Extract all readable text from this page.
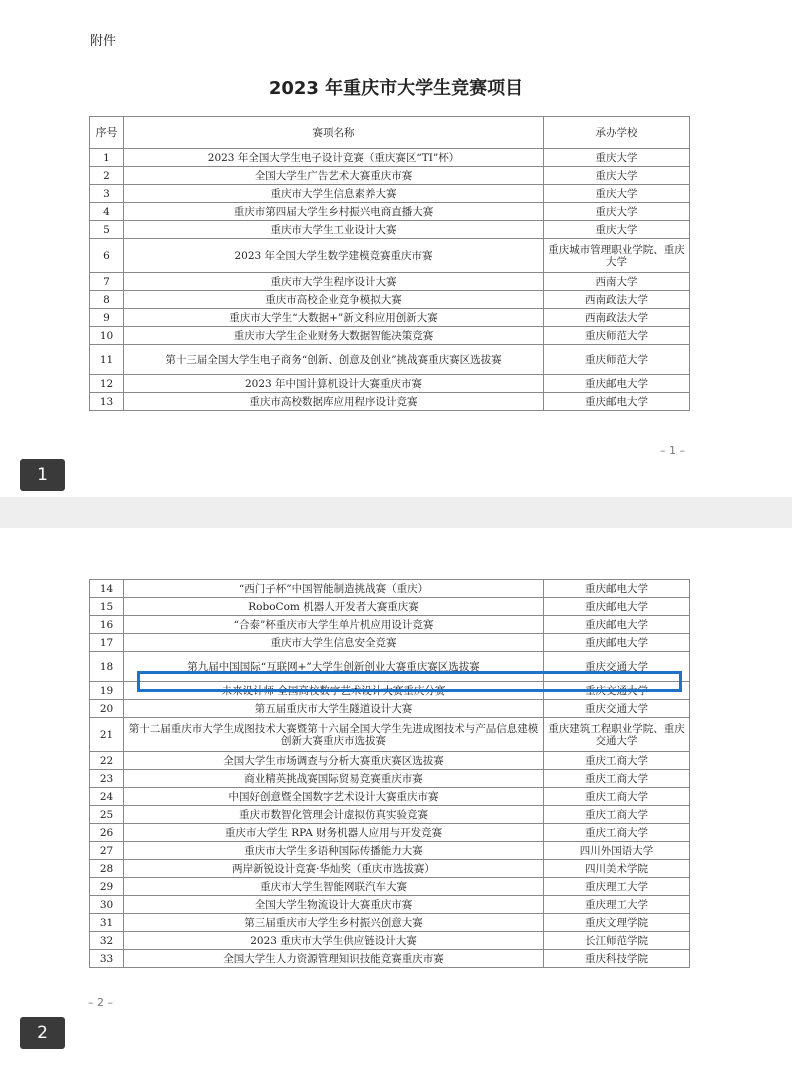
附件
2023 年重庆市大学生竞赛项目
序号	赛项名称	承办学校
1	2023 年全国大学生电子设计竞赛（重庆赛区“TI”杯）	重庆大学
2	全国大学生广告艺术大赛重庆市赛	重庆大学
3	重庆市大学生信息素养大赛	重庆大学
4	重庆市第四届大学生乡村振兴电商直播大赛	重庆大学
5	重庆市大学生工业设计大赛	重庆大学
6	2023 年全国大学生数学建模竞赛重庆市赛	重庆城市管理职业学院、重庆大学
7	重庆市大学生程序设计大赛	西南大学
8	重庆市高校企业竞争模拟大赛	西南政法大学
9	重庆市大学生“大数据+”新文科应用创新大赛	西南政法大学
10	重庆市大学生企业财务大数据智能决策竞赛	重庆师范大学
11	第十三届全国大学生电子商务“创新、创意及创业”挑战赛重庆赛区选拔赛	重庆师范大学
12	2023 年中国计算机设计大赛重庆市赛	重庆邮电大学
13	重庆市高校数据库应用程序设计竞赛	重庆邮电大学
– 1 –
1
14	“西门子杯”中国智能制造挑战赛（重庆）	重庆邮电大学
15	RoboCom 机器人开发者大赛重庆赛	重庆邮电大学
16	“合泰”杯重庆市大学生单片机应用设计竞赛	重庆邮电大学
17	重庆市大学生信息安全竞赛	重庆邮电大学
18	第九届中国国际“互联网+”大学生创新创业大赛重庆赛区选拔赛	重庆交通大学
19	未来设计师·全国高校数字艺术设计大赛重庆分赛	重庆交通大学
20	第五届重庆市大学生隧道设计大赛	重庆交通大学
21	第十二届重庆市大学生成图技术大赛暨第十六届全国大学生先进成图技术与产品信息建模创新大赛重庆市选拔赛	重庆建筑工程职业学院、重庆交通大学
22	全国大学生市场调查与分析大赛重庆赛区选拔赛	重庆工商大学
23	商业精英挑战赛国际贸易竞赛重庆市赛	重庆工商大学
24	中国好创意暨全国数字艺术设计大赛重庆市赛	重庆工商大学
25	重庆市数智化管理会计虚拟仿真实验竞赛	重庆工商大学
26	重庆市大学生 RPA 财务机器人应用与开发竞赛	重庆工商大学
27	重庆市大学生多语种国际传播能力大赛	四川外国语大学
28	两岸新锐设计竞赛·华灿奖（重庆市选拔赛）	四川美术学院
29	重庆市大学生智能网联汽车大赛	重庆理工大学
30	全国大学生物流设计大赛重庆市赛	重庆理工大学
31	第三届重庆市大学生乡村振兴创意大赛	重庆文理学院
32	2023 重庆市大学生供应链设计大赛	长江师范学院
33	全国大学生人力资源管理知识技能竞赛重庆市赛	重庆科技学院
– 2 –
2
